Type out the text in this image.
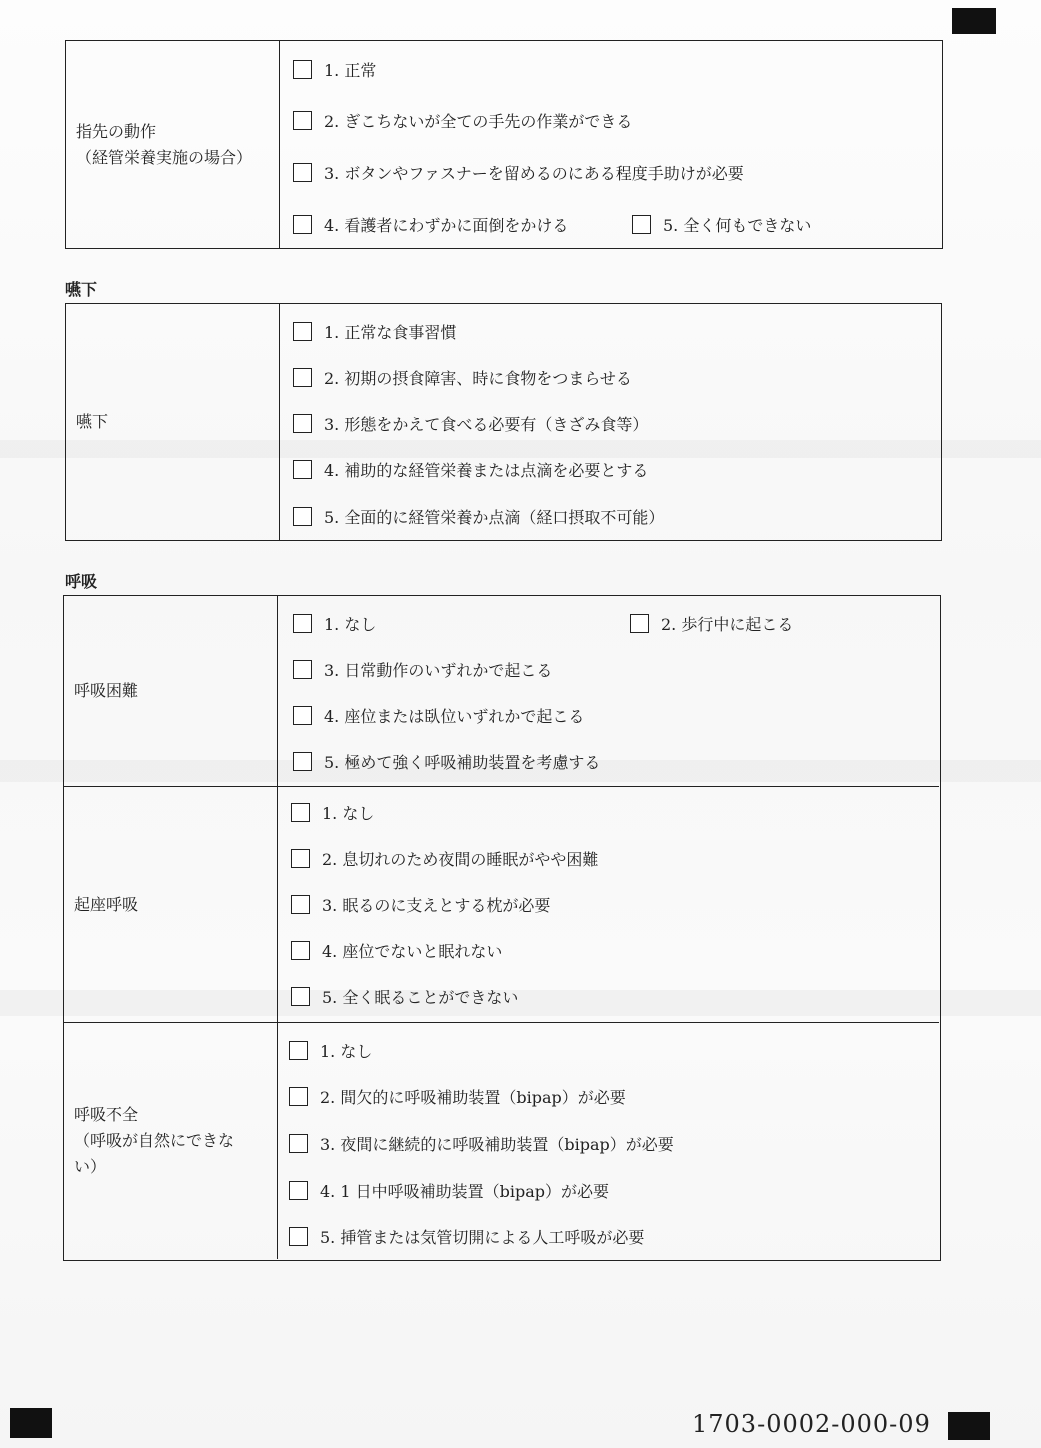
指先の動作
（経管栄養実施の場合）
1. 正常
2. ぎこちないが全ての手先の作業ができる
3. ボタンやファスナーを留めるのにある程度手助けが必要
4. 看護者にわずかに面倒をかける	5. 全く何もできない
嚥下
嚥下
1. 正常な食事習慣
2. 初期の摂食障害、時に食物をつまらせる
3. 形態をかえて食べる必要有（きざみ食等）
4. 補助的な経管栄養または点滴を必要とする
5. 全面的に経管栄養か点滴（経口摂取不可能）
呼吸
呼吸困難
1. なし	2. 歩行中に起こる
3. 日常動作のいずれかで起こる
4. 座位または臥位いずれかで起こる
5. 極めて強く呼吸補助装置を考慮する
起座呼吸
1. なし
2. 息切れのため夜間の睡眠がやや困難
3. 眠るのに支えとする枕が必要
4. 座位でないと眠れない
5. 全く眠ることができない
呼吸不全
（呼吸が自然にできな
い）
1. なし
2. 間欠的に呼吸補助装置（bipap）が必要
3. 夜間に継続的に呼吸補助装置（bipap）が必要
4. 1 日中呼吸補助装置（bipap）が必要
5. 挿管または気管切開による人工呼吸が必要
1703-0002-000-09
